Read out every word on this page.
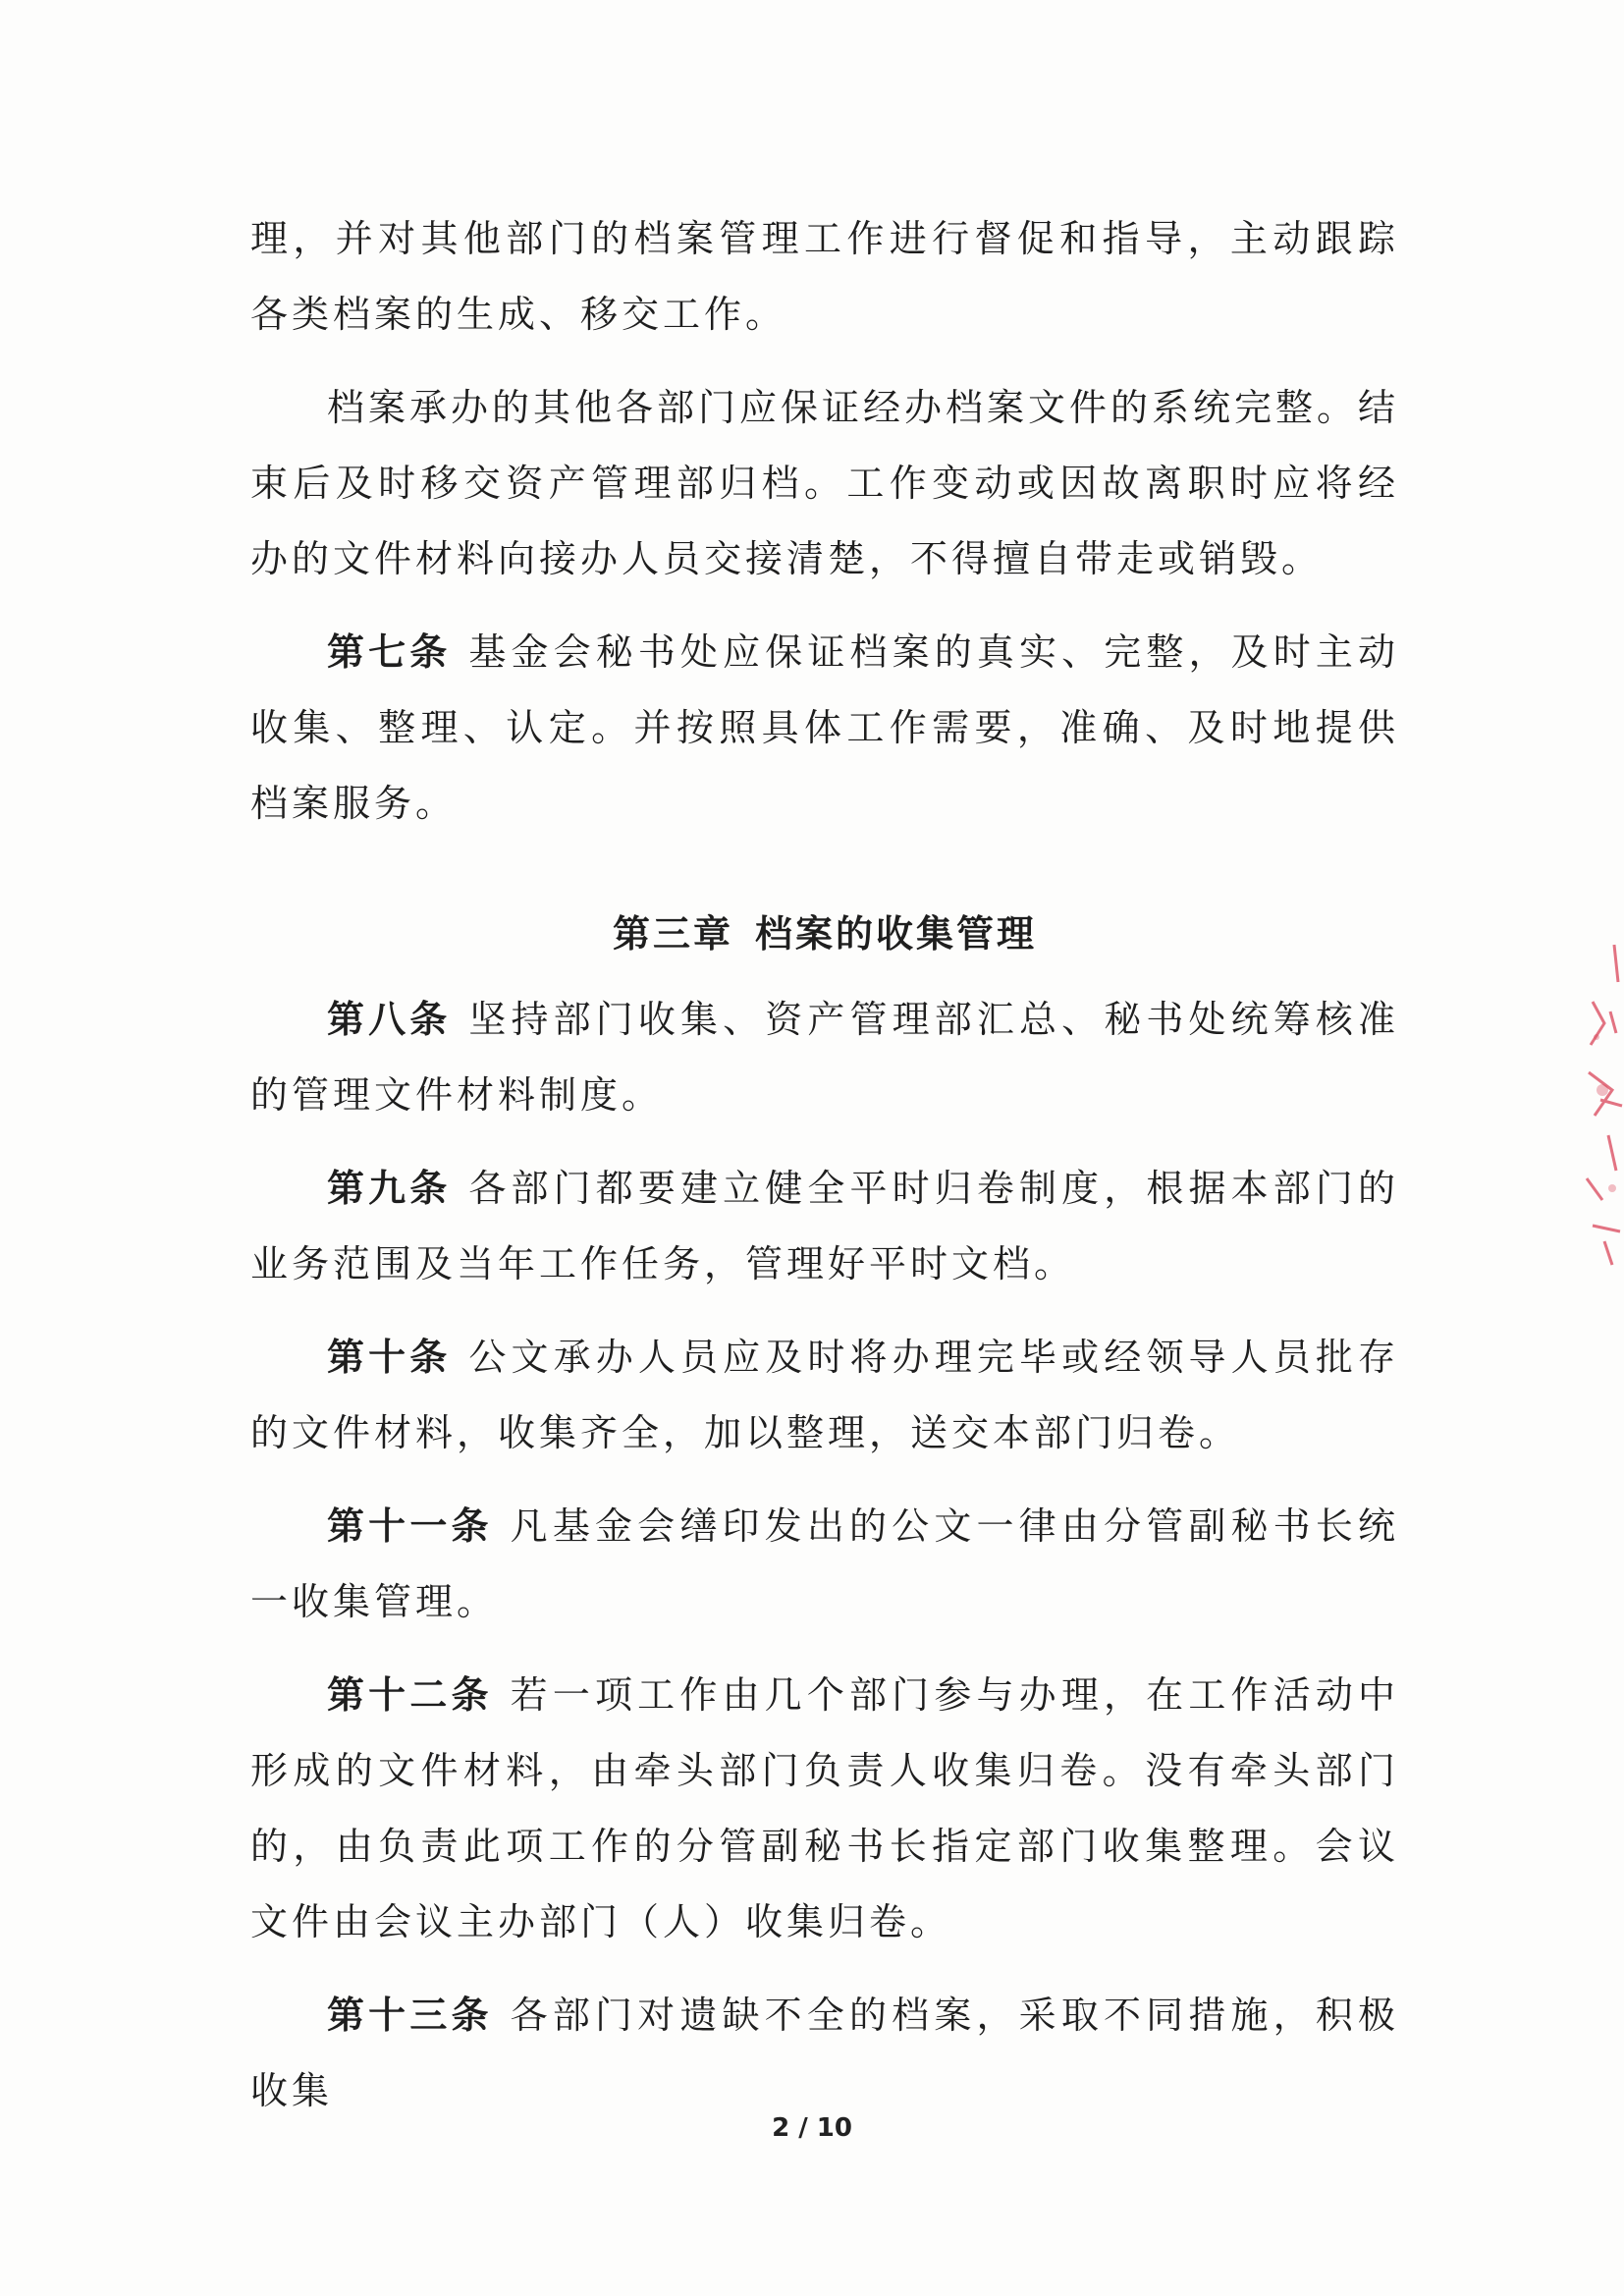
理，并对其他部门的档案管理工作进行督促和指导，主动跟踪各类档案的生成、移交工作。

档案承办的其他各部门应保证经办档案文件的系统完整。结束后及时移交资产管理部归档。工作变动或因故离职时应将经办的文件材料向接办人员交接清楚，不得擅自带走或销毁。

第七条 基金会秘书处应保证档案的真实、完整，及时主动收集、整理、认定。并按照具体工作需要，准确、及时地提供档案服务。

第三章 档案的收集管理

第八条 坚持部门收集、资产管理部汇总、秘书处统筹核准的管理文件材料制度。

第九条 各部门都要建立健全平时归卷制度，根据本部门的业务范围及当年工作任务，管理好平时文档。

第十条 公文承办人员应及时将办理完毕或经领导人员批存的文件材料，收集齐全，加以整理，送交本部门归卷。

第十一条 凡基金会缮印发出的公文一律由分管副秘书长统一收集管理。

第十二条 若一项工作由几个部门参与办理，在工作活动中形成的文件材料，由牵头部门负责人收集归卷。没有牵头部门的，由负责此项工作的分管副秘书长指定部门收集整理。会议文件由会议主办部门（人）收集归卷。

第十三条 各部门对遗缺不全的档案，采取不同措施，积极收集

2 / 10
